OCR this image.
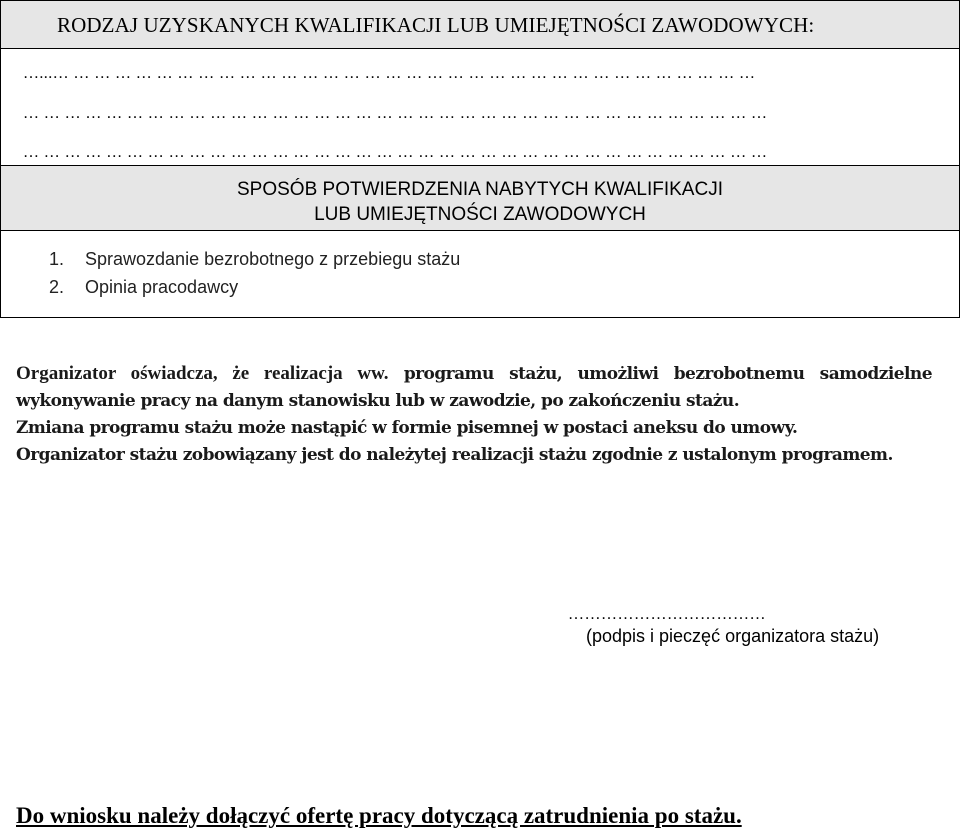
RODZAJ UZYSKANYCH KWALIFIKACJI LUB UMIEJĘTNOŚCI ZAWODOWYCH:
…...… … … … … … … … … … … … … … … … … … … … … … … … … … … … … … … … … …
… … … … … … … … … … … … … … … … … … … … … … … … … … … … … … … … … … … …
… … … … … … … … … … … … … … … … … … … … … … … … … … … … … … … … … … … …
SPOSÓB POTWIERDZENIA NABYTYCH KWALIFIKACJI
LUB UMIEJĘTNOŚCI ZAWODOWYCH
1.	Sprawozdanie bezrobotnego z przebiegu stażu
2.	Opinia pracodawcy

Organizator oświadcza, że realizacja ww. programu stażu, umożliwi bezrobotnemu samodzielne wykonywanie pracy na danym stanowisku lub w zawodzie, po zakończeniu stażu.

Zmiana programu stażu może nastąpić w formie pisemnej w postaci aneksu do umowy.

Organizator stażu zobowiązany jest do należytej realizacji stażu zgodnie z ustalonym programem.

………………………………
(podpis i pieczęć organizatora stażu)
Do wniosku należy dołączyć ofertę pracy dotyczącą zatrudnienia po stażu.
